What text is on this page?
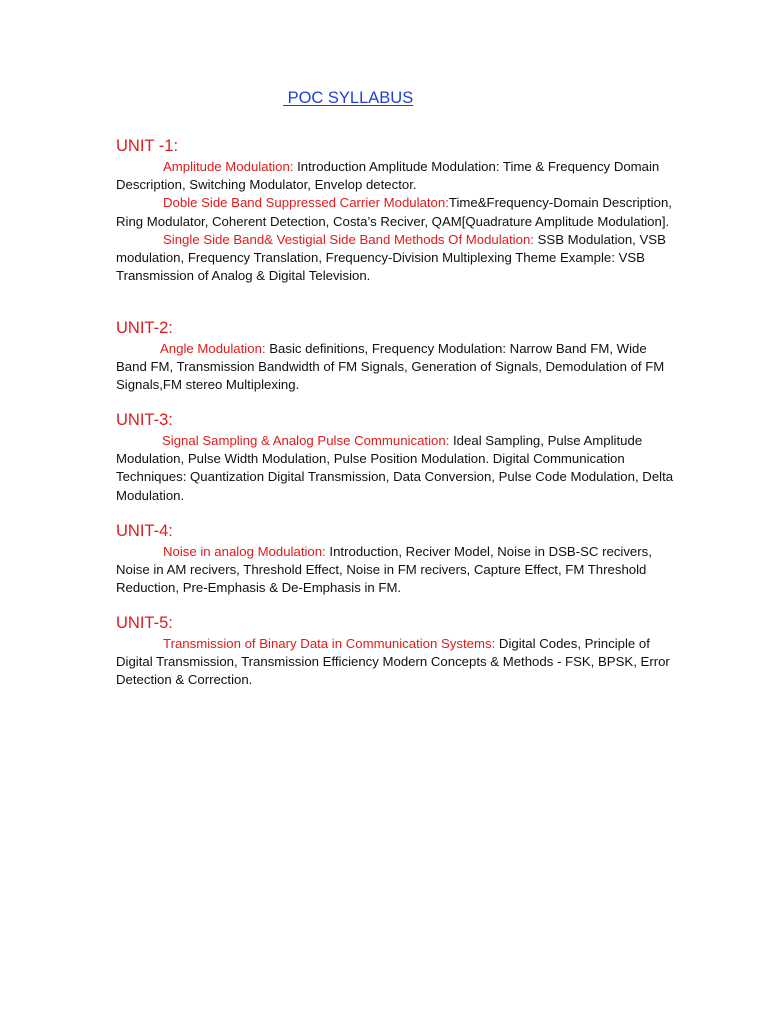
POC SYLLABUS
UNIT -1:

Amplitude Modulation: Introduction Amplitude Modulation: Time & Frequency Domain Description, Switching Modulator, Envelop detector.

Doble Side Band Suppressed Carrier Modulaton:Time&Frequency-Domain Description, Ring Modulator, Coherent Detection, Costa’s Reciver, QAM[Quadrature Amplitude Modulation].

Single Side Band& Vestigial Side Band Methods Of Modulation: SSB Modulation, VSB modulation, Frequency Translation, Frequency-Division Multiplexing Theme Example: VSB Transmission of Analog & Digital Television.

UNIT-2:

Angle Modulation: Basic definitions, Frequency Modulation: Narrow Band FM, Wide Band FM, Transmission Bandwidth of FM Signals, Generation of Signals, Demodulation of FM Signals,FM stereo Multiplexing.

UNIT-3:

Signal Sampling & Analog Pulse Communication: Ideal Sampling, Pulse Amplitude Modulation, Pulse Width Modulation, Pulse Position Modulation. Digital Communication Techniques: Quantization Digital Transmission, Data Conversion, Pulse Code Modulation, Delta Modulation.

UNIT-4:

Noise in analog Modulation: Introduction, Reciver Model, Noise in DSB-SC recivers, Noise in AM recivers, Threshold Effect, Noise in FM recivers, Capture Effect, FM Threshold Reduction, Pre-Emphasis & De-Emphasis in FM.

UNIT-5:

Transmission of Binary Data in Communication Systems: Digital Codes, Principle of Digital Transmission, Transmission Efficiency Modern Concepts & Methods - FSK, BPSK, Error Detection & Correction.
